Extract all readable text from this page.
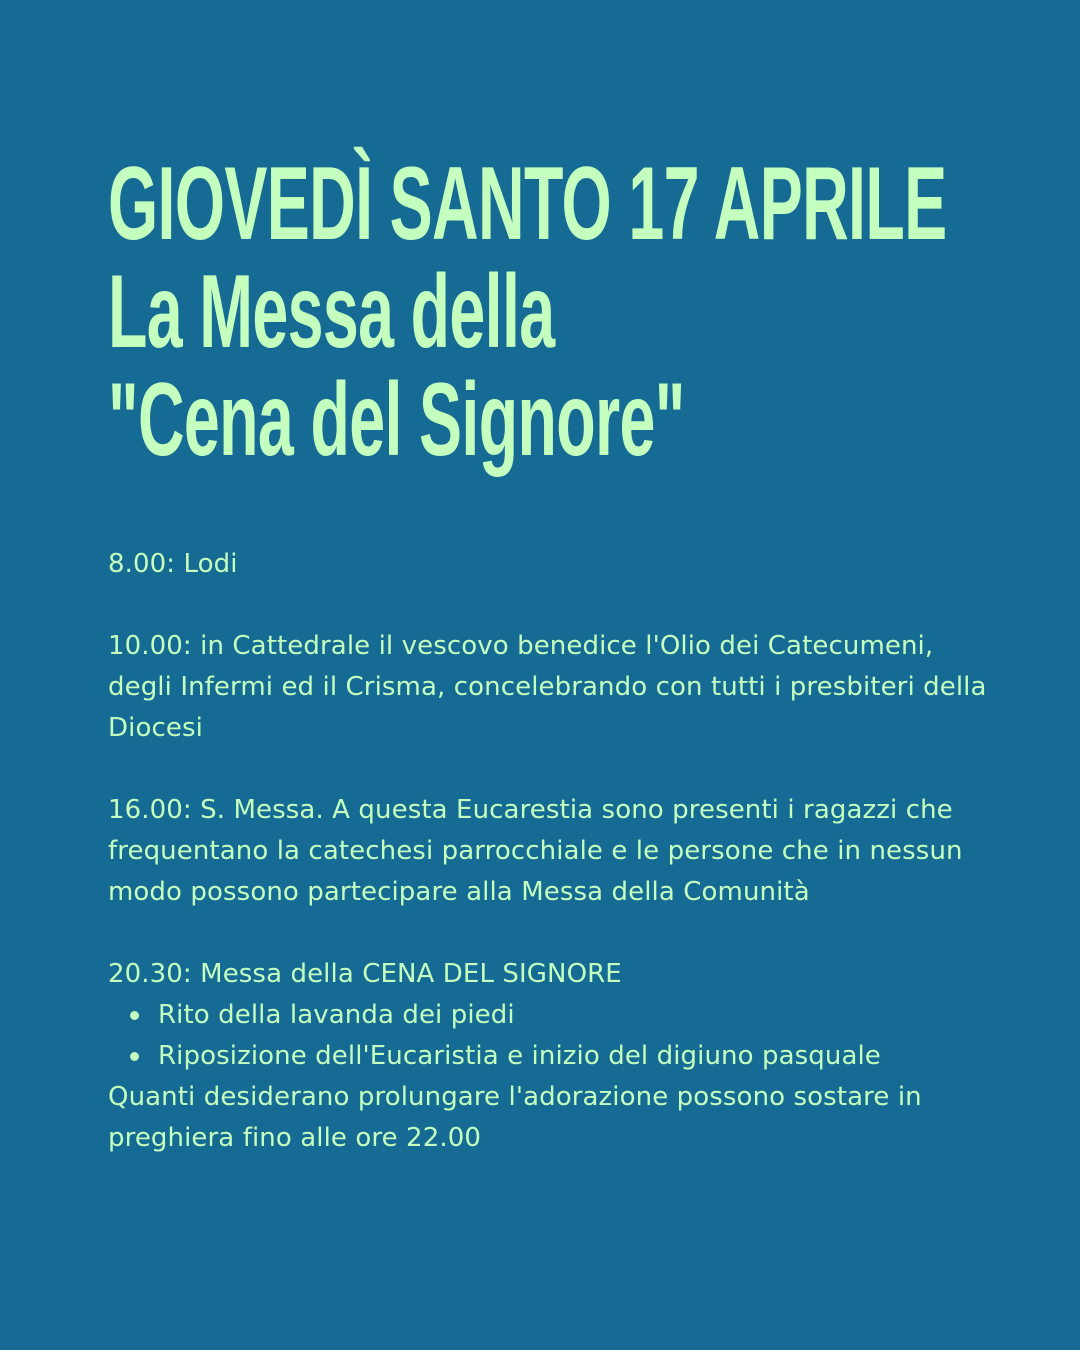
GIOVEDÌ SANTO 17 APRILE
La Messa della
"Cena del Signore"

8.00: Lodi

10.00: in Cattedrale il vescovo benedice l'Olio dei Catecumeni, degli Infermi ed il Crisma, concelebrando con tutti i presbiteri della Diocesi

16.00: S. Messa. A questa Eucarestia sono presenti i ragazzi che frequentano la catechesi parrocchiale e le persone che in nessun modo possono partecipare alla Messa della Comunità

20.30: Messa della CENA DEL SIGNORE

Rito della lavanda dei piedi
Riposizione dell'Eucaristia e inizio del digiuno pasquale

Quanti desiderano prolungare l'adorazione possono sostare in preghiera fino alle ore 22.00
